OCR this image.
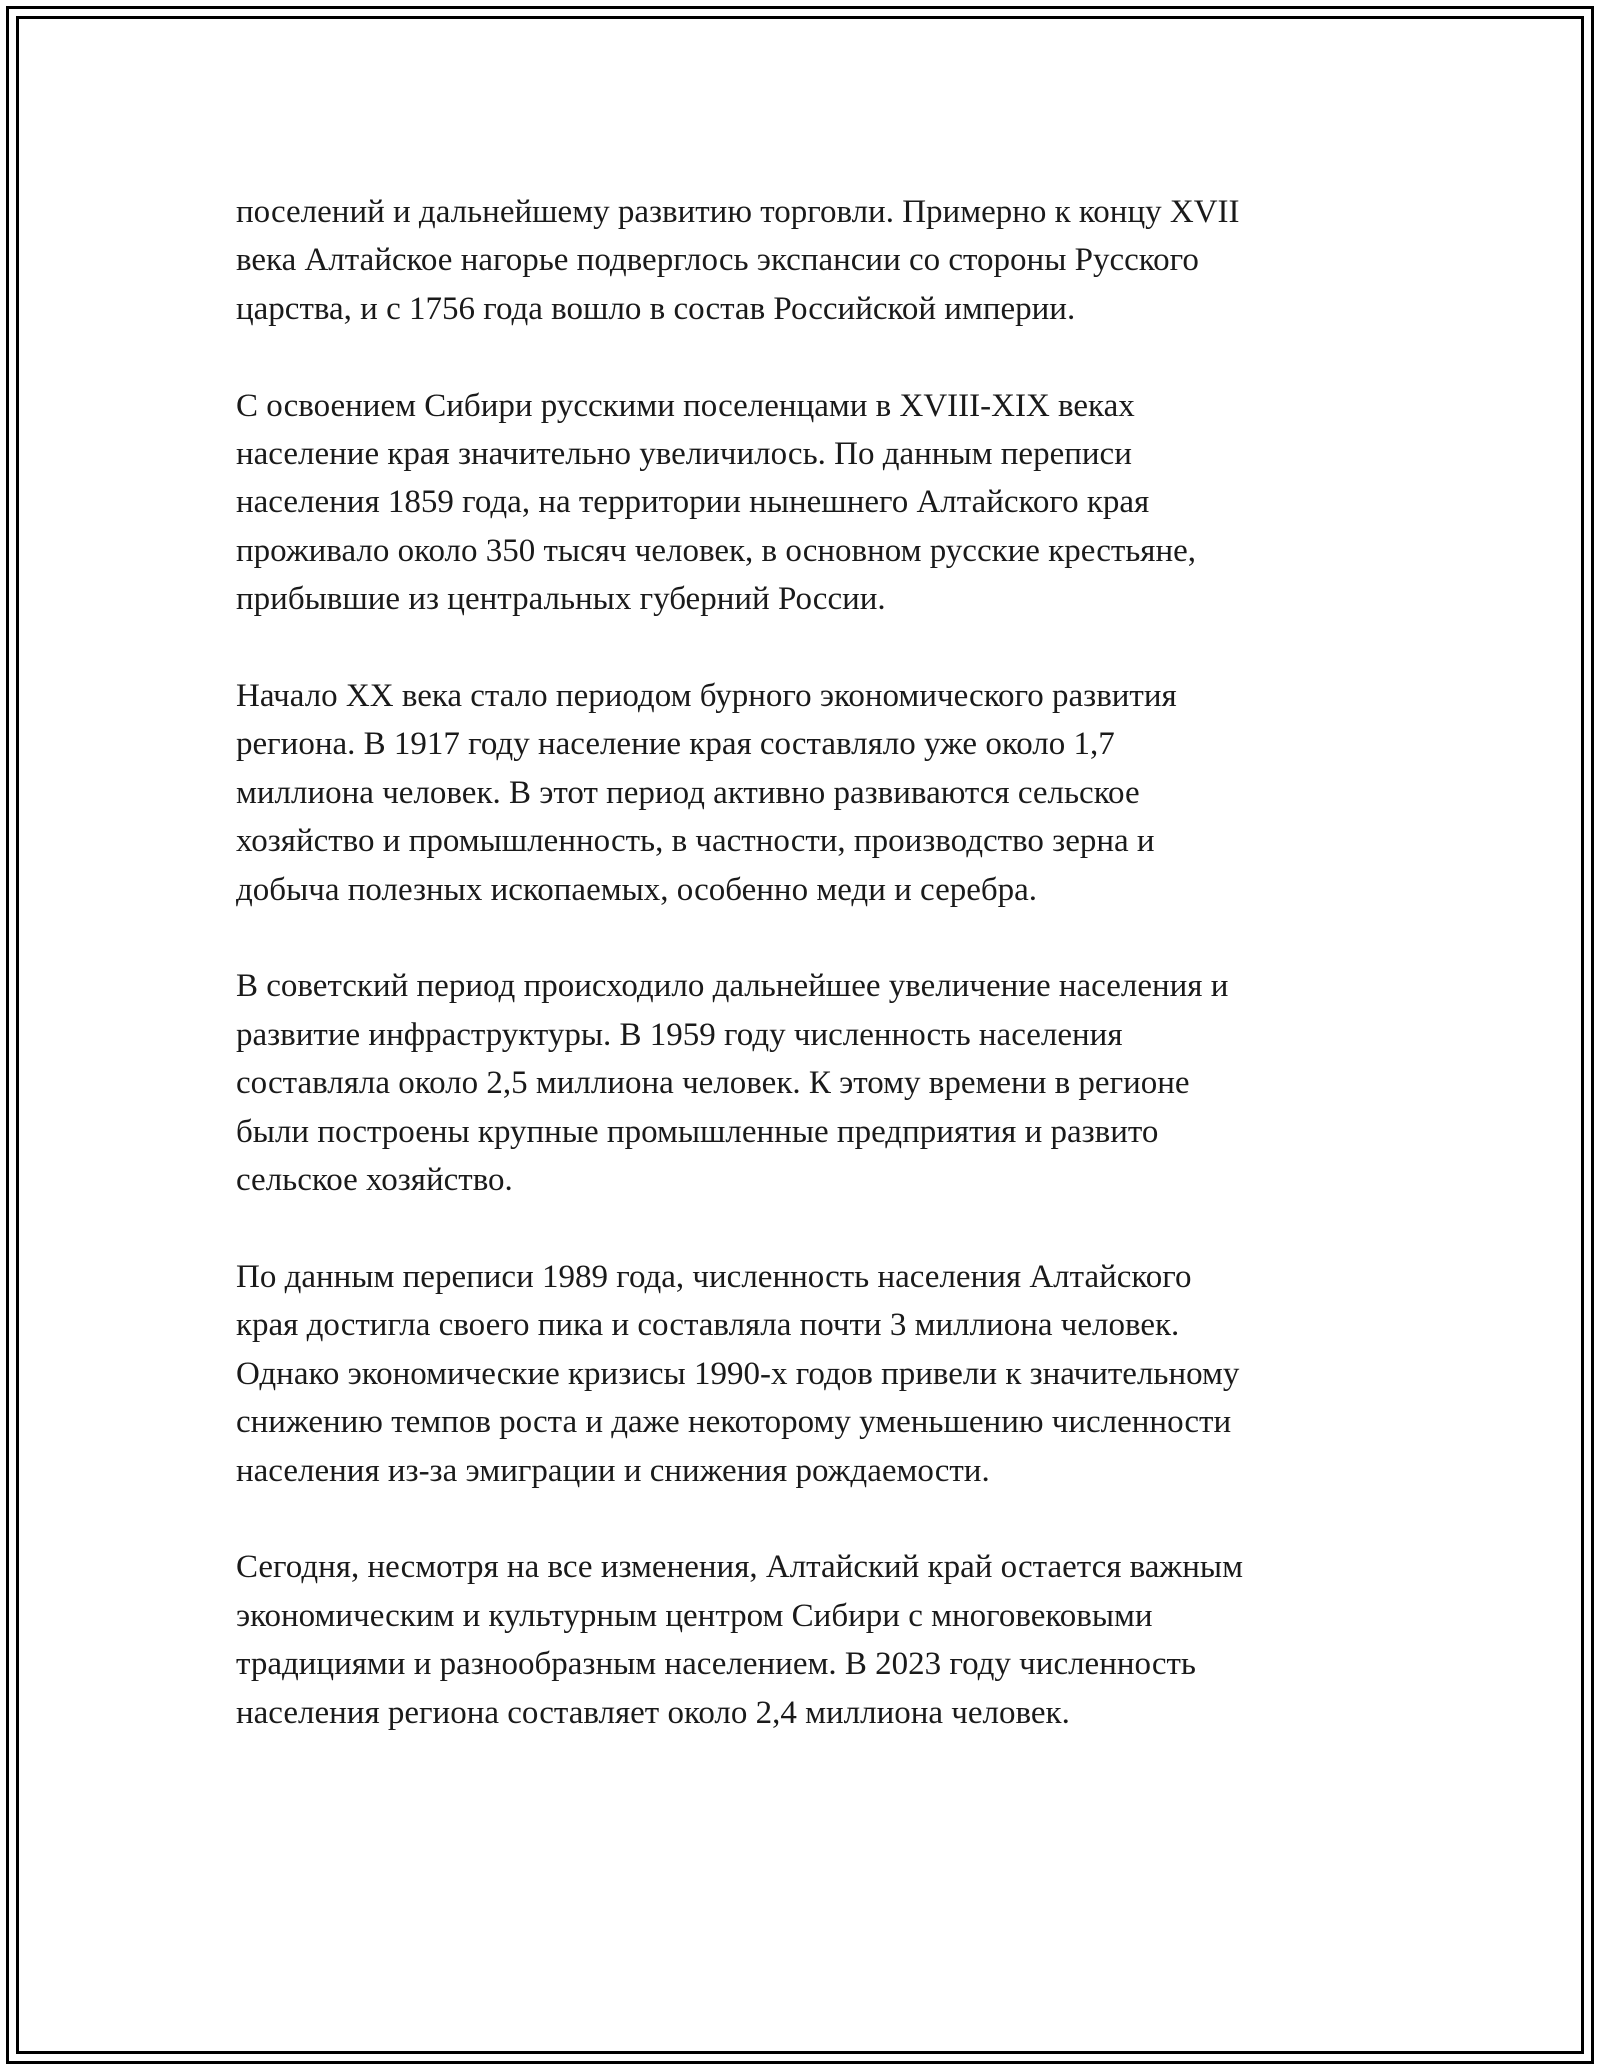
поселений и дальнейшему развитию торговли. Примерно к концу XVII
века Алтайское нагорье подверглось экспансии со стороны Русского
царства, и с 1756 года вошло в состав Российской империи.

С освоением Сибири русскими поселенцами в XVIII-XIX веках
население края значительно увеличилось. По данным переписи
населения 1859 года, на территории нынешнего Алтайского края
проживало около 350 тысяч человек, в основном русские крестьяне,
прибывшие из центральных губерний России.

Начало XX века стало периодом бурного экономического развития
региона. В 1917 году население края составляло уже около 1,7
миллиона человек. В этот период активно развиваются сельское
хозяйство и промышленность, в частности, производство зерна и
добыча полезных ископаемых, особенно меди и серебра.

В советский период происходило дальнейшее увеличение населения и
развитие инфраструктуры. В 1959 году численность населения
составляла около 2,5 миллиона человек. К этому времени в регионе
были построены крупные промышленные предприятия и развито
сельское хозяйство.

По данным переписи 1989 года, численность населения Алтайского
края достигла своего пика и составляла почти 3 миллиона человек.
Однако экономические кризисы 1990-х годов привели к значительному
снижению темпов роста и даже некоторому уменьшению численности
населения из-за эмиграции и снижения рождаемости.

Сегодня, несмотря на все изменения, Алтайский край остается важным
экономическим и культурным центром Сибири с многовековыми
традициями и разнообразным населением. В 2023 году численность
населения региона составляет около 2,4 миллиона человек.
